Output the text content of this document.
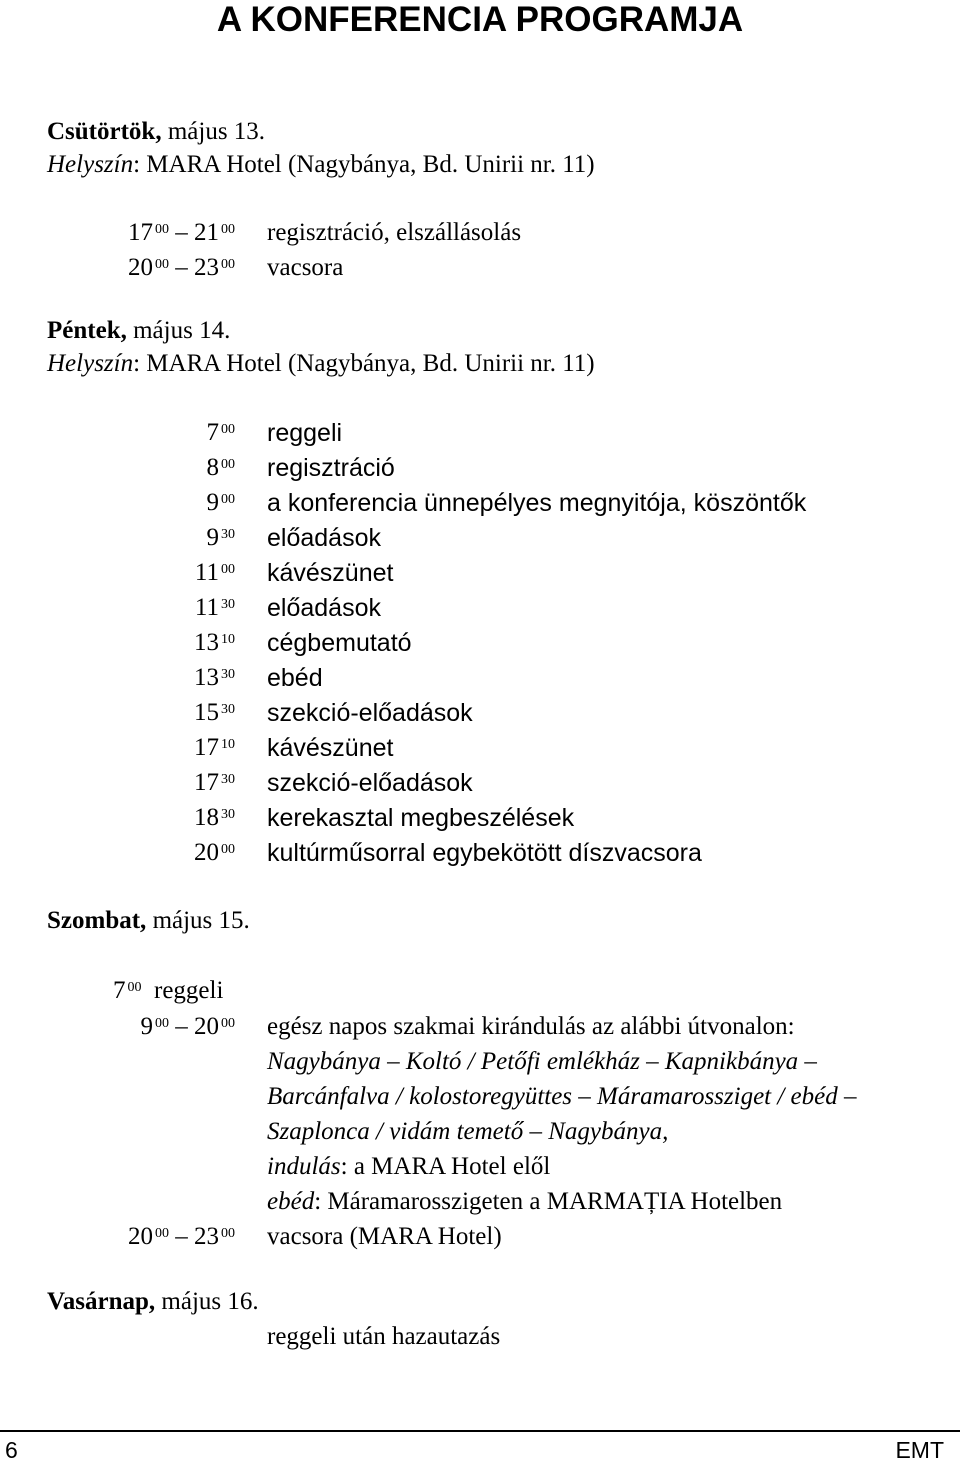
A KONFERENCIA PROGRAMJA
Csütörtök, május 13.
Helyszín: MARA Hotel (Nagybánya, Bd. Unirii nr. 11)
17 $^{00}$ – 21 $^{00}$ regisztráció, elszállásolás
20 $^{00}$ – 23 $^{00}$ vacsora
Péntek, május 14.
Helyszín: MARA Hotel (Nagybánya, Bd. Unirii nr. 11)
7 $^{00}$ reggeli
8 $^{00}$ regisztráció
9 $^{00}$ a konferencia ünnepélyes megnyitója, köszöntők
9 $^{30}$ előadások
11 $^{00}$ kávészünet
11 $^{30}$ előadások
13 $^{10}$ cégbemutató
13 $^{30}$ ebéd
15 $^{30}$ szekció-előadások
17 $^{10}$ kávészünet
17 $^{30}$ szekció-előadások
18 $^{30}$ kerekasztal megbeszélések
20 $^{00}$ kultúrműsorral egybekötött díszvacsora
Szombat, május 15.
7 $^{00}$ reggeli
9 $^{00}$ – 20 $^{00}$ egész napos szakmai kirándulás az alábbi útvonalon:
Nagybánya – Koltó / Petőfi emlékház – Kapnikbánya –
Barcánfalva / kolostoregyüttes – Máramarossziget / ebéd –
Szaplonca / vidám temető – Nagybánya,
indulás: a MARA Hotel elől
ebéd: Máramarosszigeten a MARMAȚIA Hotelben
20 $^{00}$ – 23 $^{00}$ vacsora (MARA Hotel)
Vasárnap, május 16.
reggeli után hazautazás
6	EMT
